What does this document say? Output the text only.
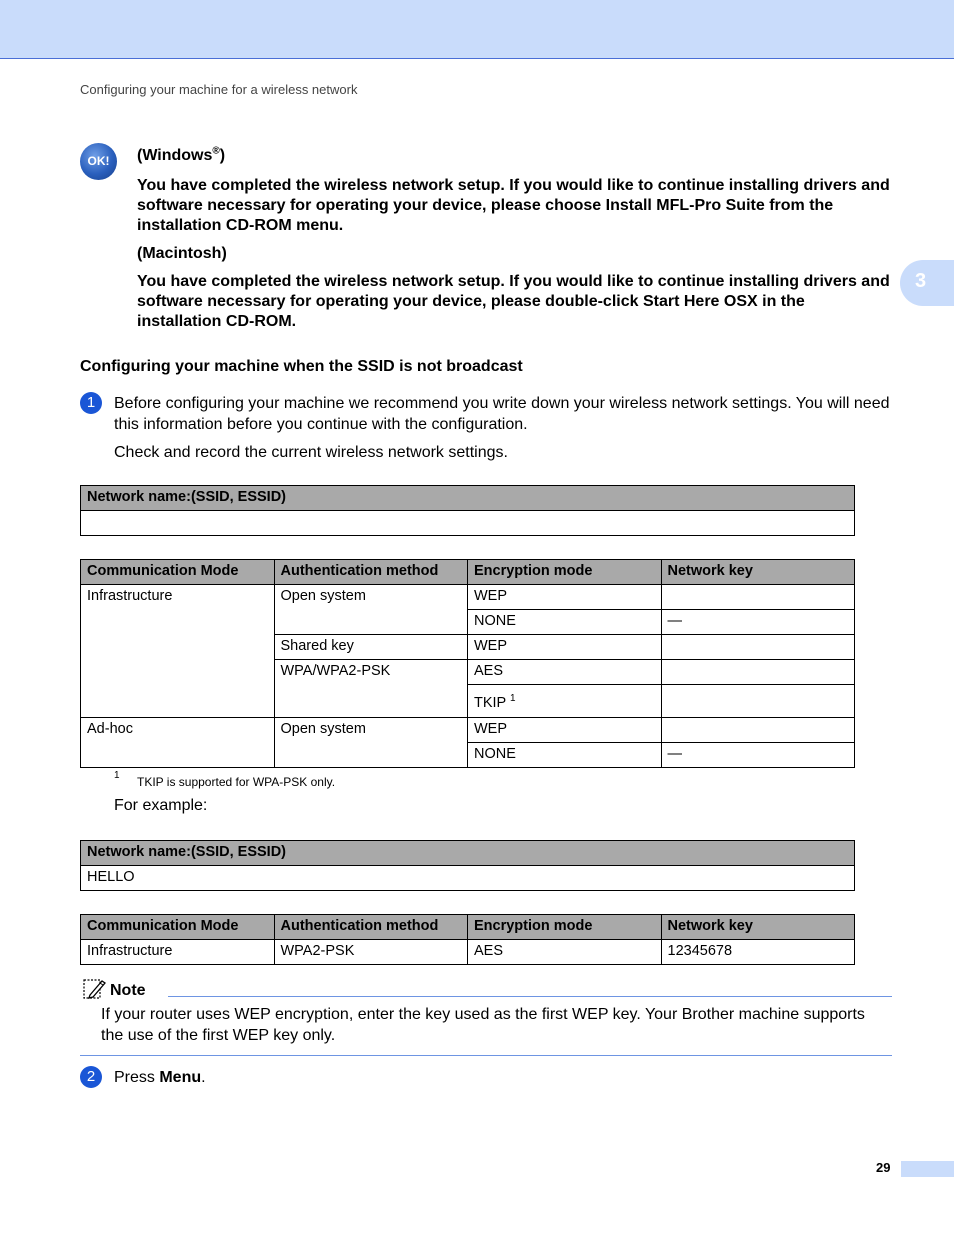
Configuring your machine for a wireless network
3
OK!	(Windows®)

You have completed the wireless network setup. If you would like to continue installing drivers and software necessary for operating your device, please choose Install MFL-Pro Suite from the installation CD-ROM menu.

(Macintosh)

You have completed the wireless network setup. If you would like to continue installing drivers and software necessary for operating your device, please double-click Start Here OSX in the installation CD-ROM.

Configuring your machine when the SSID is not broadcast
1	Before configuring your machine we recommend you write down your wireless network settings. You will need this information before you continue with the configuration.

Check and record the current wireless network settings.

Network name:(SSID, ESSID)

Communication Mode	Authentication method	Encryption mode	Network key
Infrastructure	Open system	WEP	
		NONE	—
	Shared key	WEP	
	WPA/WPA2-PSK	AES	
		TKIP $^1$	
Ad-hoc	Open system	WEP	
		NONE	—
1 TKIP is supported for WPA-PSK only.
For example:
Network name:(SSID, ESSID)
HELLO
Communication Mode	Authentication method	Encryption mode	Network key
Infrastructure	WPA2-PSK	AES	12345678
Note
If your router uses WEP encryption, enter the key used as the first WEP key. Your Brother machine supports the use of the first WEP key only.
2	Press Menu.
29
